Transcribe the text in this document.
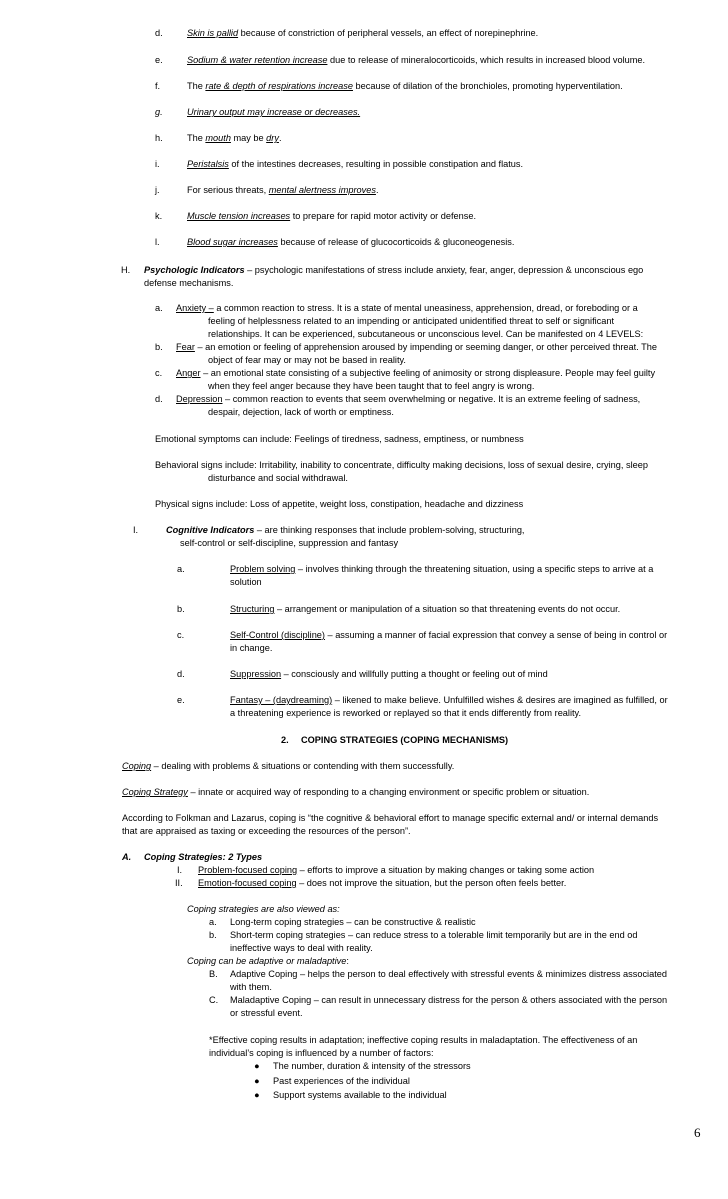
d.	Skin is pallid because of constriction of peripheral vessels, an effect of norepinephrine.
e.	Sodium & water retention increase due to release of mineralocorticoids, which results in increased blood volume.
f.	The rate & depth of respirations increase because of dilation of the bronchioles, promoting hyperventilation.
g.	Urinary output may increase or decreases.
h.	The mouth may be dry.
i.	Peristalsis of the intestines decreases, resulting in possible constipation and flatus.
j.	For serious threats, mental alertness improves.
k.	Muscle tension increases to prepare for rapid motor activity or defense.
l.	Blood sugar increases because of release of glucocorticoids & gluconeogenesis.
H. Psychologic Indicators – psychologic manifestations of stress include anxiety, fear, anger, depression & unconscious ego
defense mechanisms.
a. Anxiety – a common reaction to stress. It is a state of mental uneasiness, apprehension, dread, or foreboding or a
feeling of helplessness related to an impending or anticipated unidentified threat to self or significant
relationships. It can be experienced, subcutaneous or unconscious level. Can be manifested on 4 LEVELS:
b. Fear – an emotion or feeling of apprehension aroused by impending or seeming danger, or other perceived threat. The
object of fear may or may not be based in reality.
c. Anger – an emotional state consisting of a subjective feeling of animosity or strong displeasure. People may feel guilty
when they feel anger because they have been taught that to feel angry is wrong.
d. Depression – common reaction to events that seem overwhelming or negative. It is an extreme feeling of sadness,
despair, dejection, lack of worth or emptiness.
Emotional symptoms can include: Feelings of tiredness, sadness, emptiness, or numbness
Behavioral signs include: Irritability, inability to concentrate, difficulty making decisions, loss of sexual desire, crying, sleep
disturbance and social withdrawal.
Physical signs include: Loss of appetite, weight loss, constipation, headache and dizziness
I.	Cognitive Indicators – are thinking responses that include problem-solving, structuring,
self-control or self-discipline, suppression and fantasy
a.	Problem solving – involves thinking through the threatening situation, using a specific steps to arrive at a
solution
b.	Structuring – arrangement or manipulation of a situation so that threatening events do not occur.
c.	Self-Control (discipline) – assuming a manner of facial expression that convey a sense of being in control or
in change.
d.	Suppression – consciously and willfully putting a thought or feeling out of mind
e.	Fantasy – (daydreaming) – likened to make believe. Unfulfilled wishes & desires are imagined as fulfilled, or
a threatening experience is reworked or replayed so that it ends differently from reality.
2. COPING STRATEGIES (COPING MECHANISMS)
Coping – dealing with problems & situations or contending with them successfully.
Coping Strategy – innate or acquired way of responding to a changing environment or specific problem or situation.
According to Folkman and Lazarus, coping is “the cognitive & behavioral effort to manage specific external and/ or internal demands
that are appraised as taxing or exceeding the resources of the person”.
A. Coping Strategies: 2 Types
I. Problem-focused coping – efforts to improve a situation by making changes or taking some action
II. Emotion-focused coping – does not improve the situation, but the person often feels better.
Coping strategies are also viewed as:
a. Long-term coping strategies – can be constructive & realistic
b. Short-term coping strategies – can reduce stress to a tolerable limit temporarily but are in the end od
ineffective ways to deal with reality.
Coping can be adaptive or maladaptive:
B. Adaptive Coping – helps the person to deal effectively with stressful events & minimizes distress associated
with them.
C. Maladaptive Coping – can result in unnecessary distress for the person & others associated with the person
or stressful event.
*Effective coping results in adaptation; ineffective coping results in maladaptation. The effectiveness of an
individual’s coping is influenced by a number of factors:
● The number, duration & intensity of the stressors
● Past experiences of the individual
● Support systems available to the individual
6
